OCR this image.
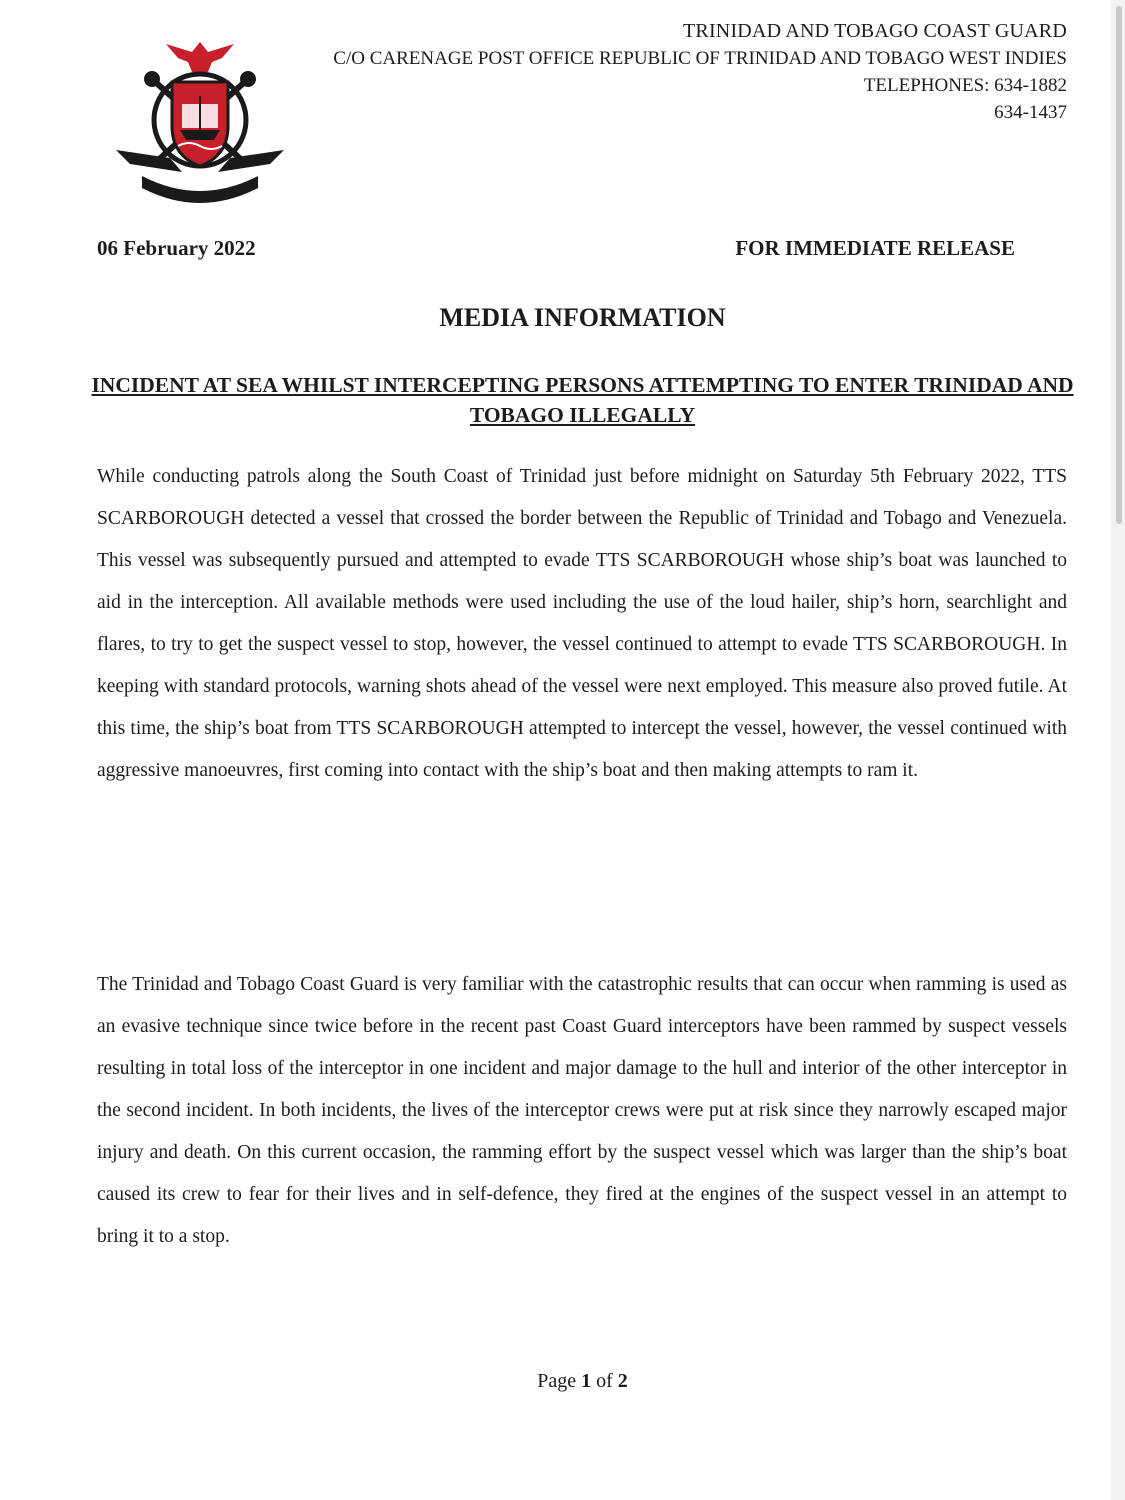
TRINIDAD AND TOBAGO COAST GUARD
C/O CARENAGE POST OFFICE REPUBLIC OF TRINIDAD AND TOBAGO WEST INDIES
TELEPHONES: 634-1882
634-1437
06 February 2022	FOR IMMEDIATE RELEASE
MEDIA INFORMATION
INCIDENT AT SEA WHILST INTERCEPTING PERSONS ATTEMPTING TO ENTER TRINIDAD AND TOBAGO ILLEGALLY

While conducting patrols along the South Coast of Trinidad just before midnight on Saturday 5th February 2022, TTS SCARBOROUGH detected a vessel that crossed the border between the Republic of Trinidad and Tobago and Venezuela. This vessel was subsequently pursued and attempted to evade TTS SCARBOROUGH whose ship’s boat was launched to aid in the interception. All available methods were used including the use of the loud hailer, ship’s horn, searchlight and flares, to try to get the suspect vessel to stop, however, the vessel continued to attempt to evade TTS SCARBOROUGH. In keeping with standard protocols, warning shots ahead of the vessel were next employed. This measure also proved futile. At this time, the ship’s boat from TTS SCARBOROUGH attempted to intercept the vessel, however, the vessel continued with aggressive manoeuvres, first coming into contact with the ship’s boat and then making attempts to ram it.

The Trinidad and Tobago Coast Guard is very familiar with the catastrophic results that can occur when ramming is used as an evasive technique since twice before in the recent past Coast Guard interceptors have been rammed by suspect vessels resulting in total loss of the interceptor in one incident and major damage to the hull and interior of the other interceptor in the second incident. In both incidents, the lives of the interceptor crews were put at risk since they narrowly escaped major injury and death. On this current occasion, the ramming effort by the suspect vessel which was larger than the ship’s boat caused its crew to fear for their lives and in self-defence, they fired at the engines of the suspect vessel in an attempt to bring it to a stop.

Page 1 of 2
